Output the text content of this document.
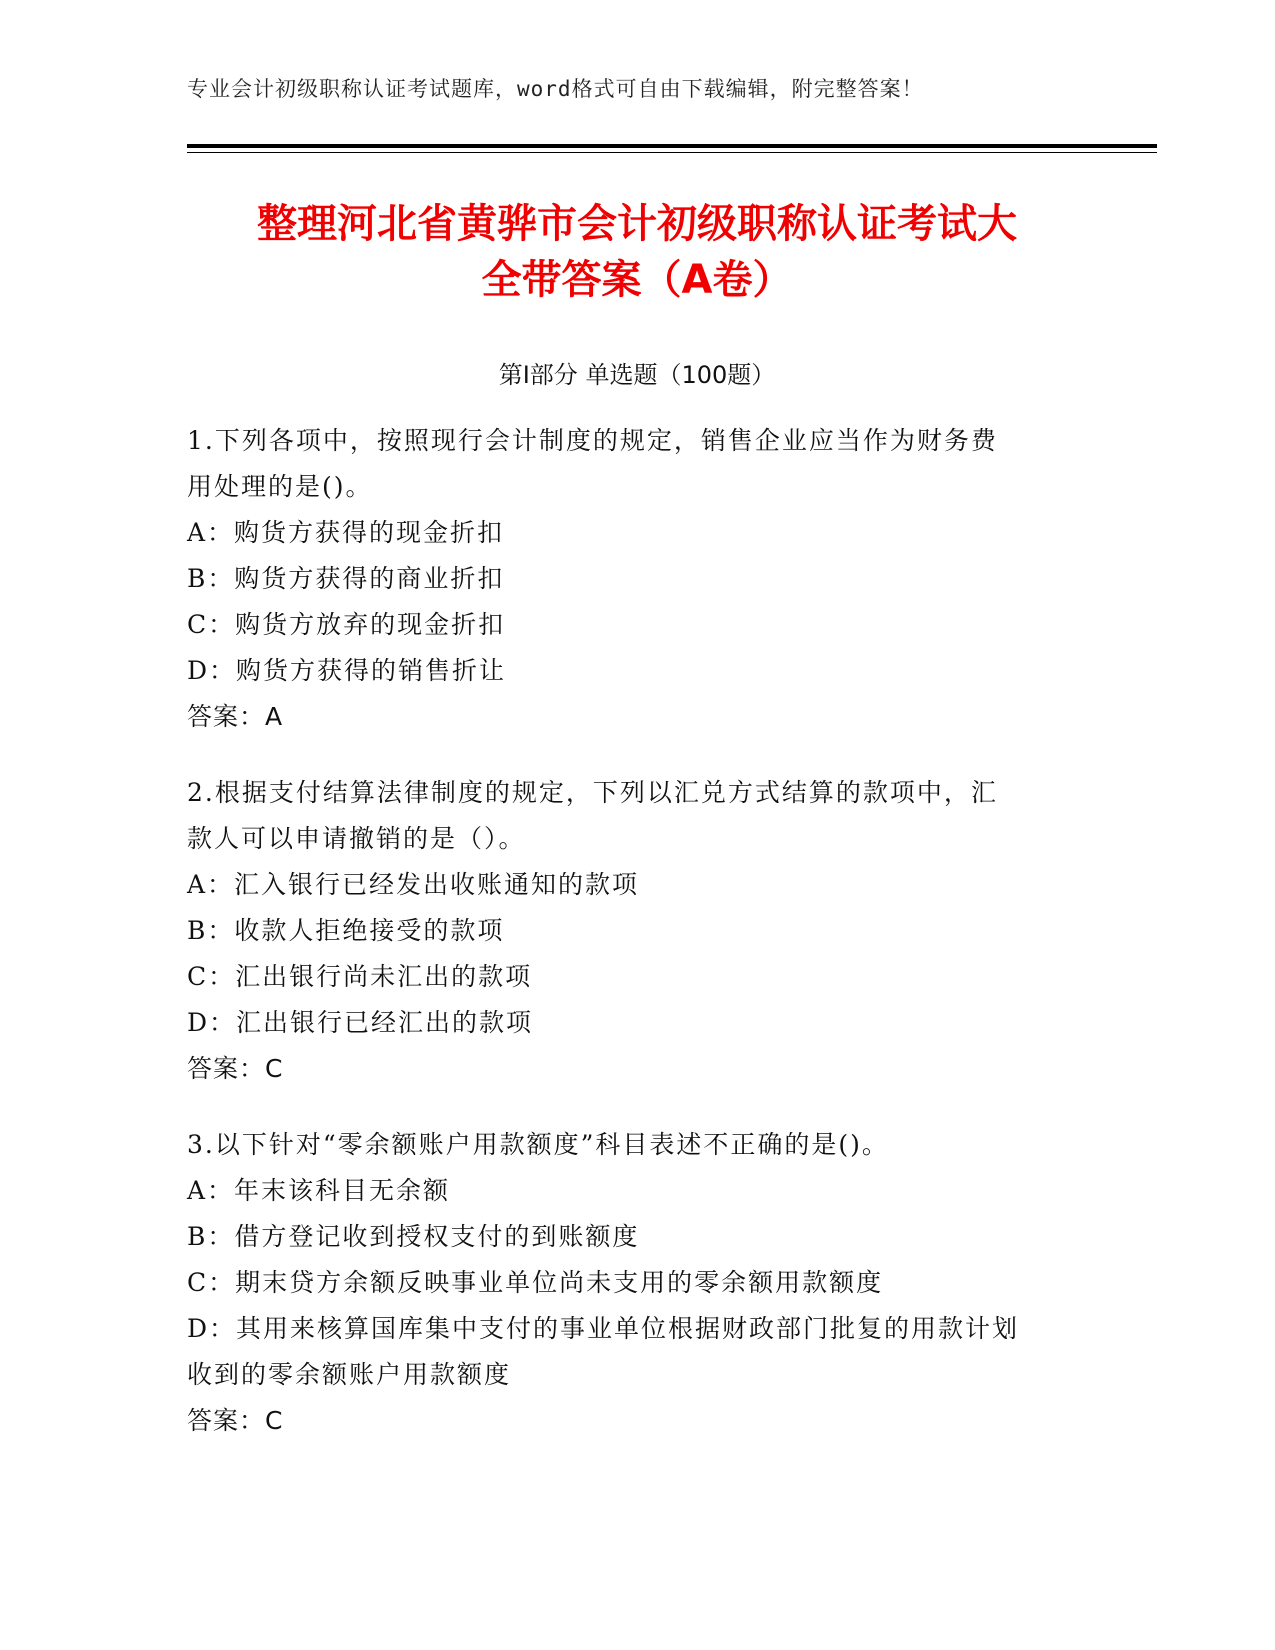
专业会计初级职称认证考试题库，word格式可自由下载编辑，附完整答案！
整理河北省黄骅市会计初级职称认证考试大
全带答案（A卷）
第Ⅰ部分 单选题（100题）
1.下列各项中，按照现行会计制度的规定，销售企业应当作为财务费
用处理的是()。
A：购货方获得的现金折扣
B：购货方获得的商业折扣
C：购货方放弃的现金折扣
D：购货方获得的销售折让
答案：A
2.根据支付结算法律制度的规定，下列以汇兑方式结算的款项中，汇
款人可以申请撤销的是（）。
A：汇入银行已经发出收账通知的款项
B：收款人拒绝接受的款项
C：汇出银行尚未汇出的款项
D：汇出银行已经汇出的款项
答案：C
3.以下针对“零余额账户用款额度”科目表述不正确的是()。
A：年末该科目无余额
B：借方登记收到授权支付的到账额度
C：期末贷方余额反映事业单位尚未支用的零余额用款额度
D：其用来核算国库集中支付的事业单位根据财政部门批复的用款计划
收到的零余额账户用款额度
答案：C
